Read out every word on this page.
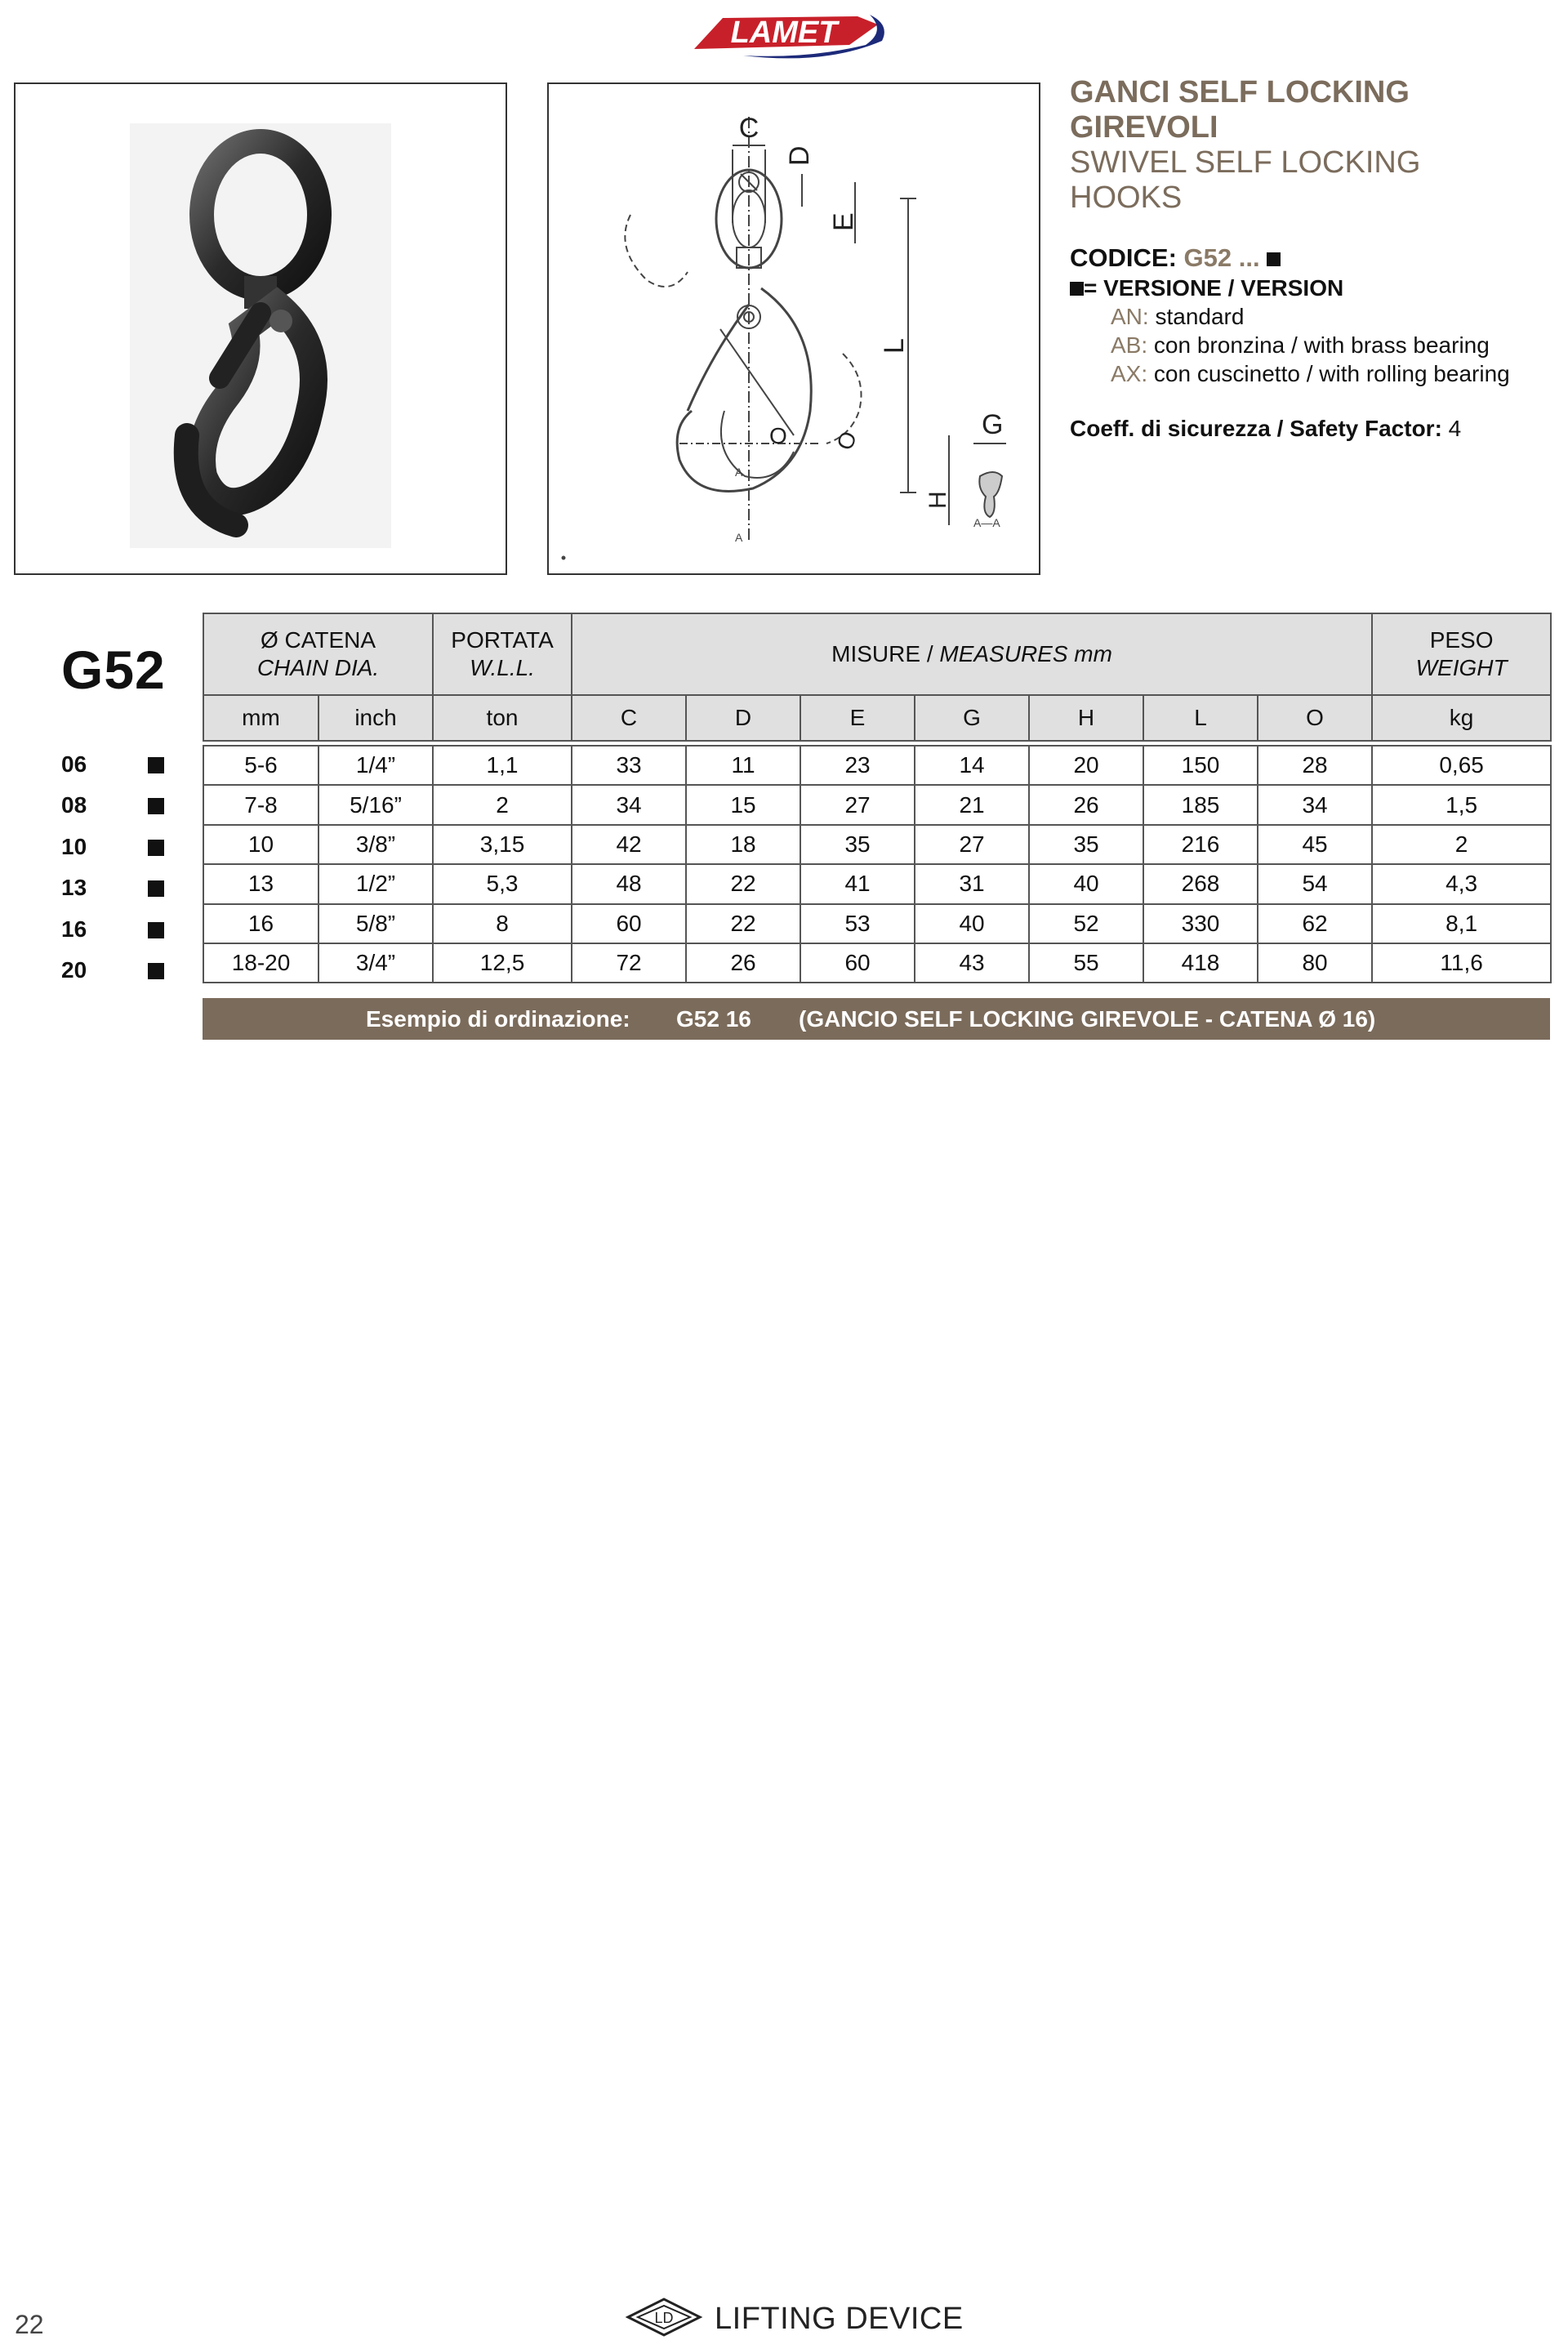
LAMET
C
D
E
L
O O
H
G
A—A
A
A
GANCI SELF LOCKING
GIREVOLI
SWIVEL SELF LOCKING
HOOKS
CODICE: G52 ...
= VERSIONE / VERSION
AN: standard
AB: con bronzina / with brass bearing
AX: con cuscinetto / with rolling bearing
Coeff. di sicurezza / Safety Factor: 4
G52
06
08
10
13
16
20
Ø CATENA
CHAIN DIA.		PORTATA
W.L.L.	MISURE / MEASURES mm							PESO
WEIGHT
mm	inch	ton	C	D	E	G	H	L	O	kg

5-6	1/4”	1,1	33	11	23	14	20	150	28	0,65
7-8	5/16”	2	34	15	27	21	26	185	34	1,5
10	3/8”	3,15	42	18	35	27	35	216	45	2
13	1/2”	5,3	48	22	41	31	40	268	54	4,3
16	5/8”	8	60	22	53	40	52	330	62	8,1
18-20	3/4”	12,5	72	26	60	43	55	418	80	11,6
Esempio di ordinazione: G52 16 (GANCIO SELF LOCKING GIREVOLE - CATENA Ø 16)
22	LD LIFTING DEVICE
